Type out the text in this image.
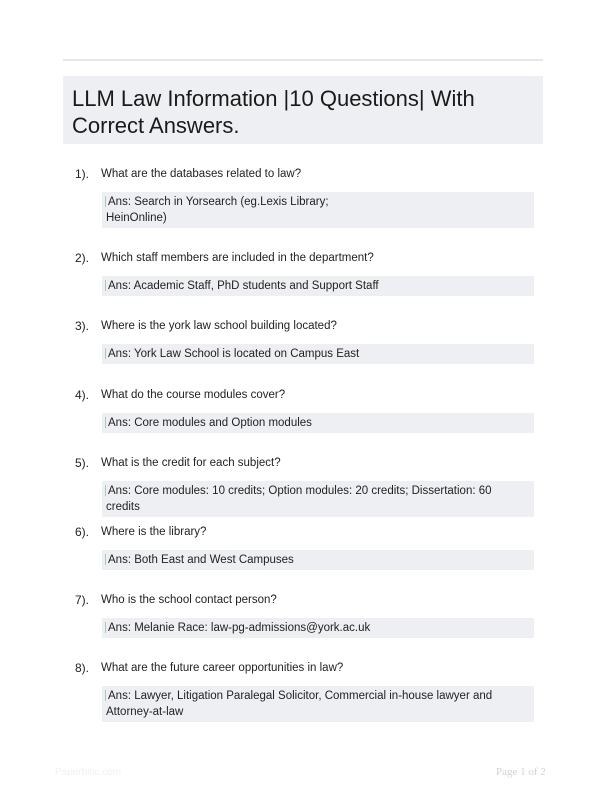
LLM Law Information |10 Questions| With
Correct Answers.
1).	What are the databases related to law?
Ans: Search in Yorsearch (eg.Lexis Library; HeinOnline)
2).	Which staff members are included in the department?
Ans: Academic Staff, PhD students and Support Staff
3).	Where is the york law school building located?
Ans: York Law School is located on Campus East
4).	What do the course modules cover?
Ans: Core modules and Option modules
5).	What is the credit for each subject?
Ans: Core modules: 10 credits; Option modules: 20 credits; Dissertation: 60 credits
6).	Where is the library?
Ans: Both East and West Campuses
7).	Who is the school contact person?
Ans: Melanie Race: law-pg-admissions@york.ac.uk
8).	What are the future career opportunities in law?
Ans: Lawyer, Litigation Paralegal Solicitor, Commercial in-house lawyer and Attorney-at-law
Paperbitic.com	Page 1 of 2
